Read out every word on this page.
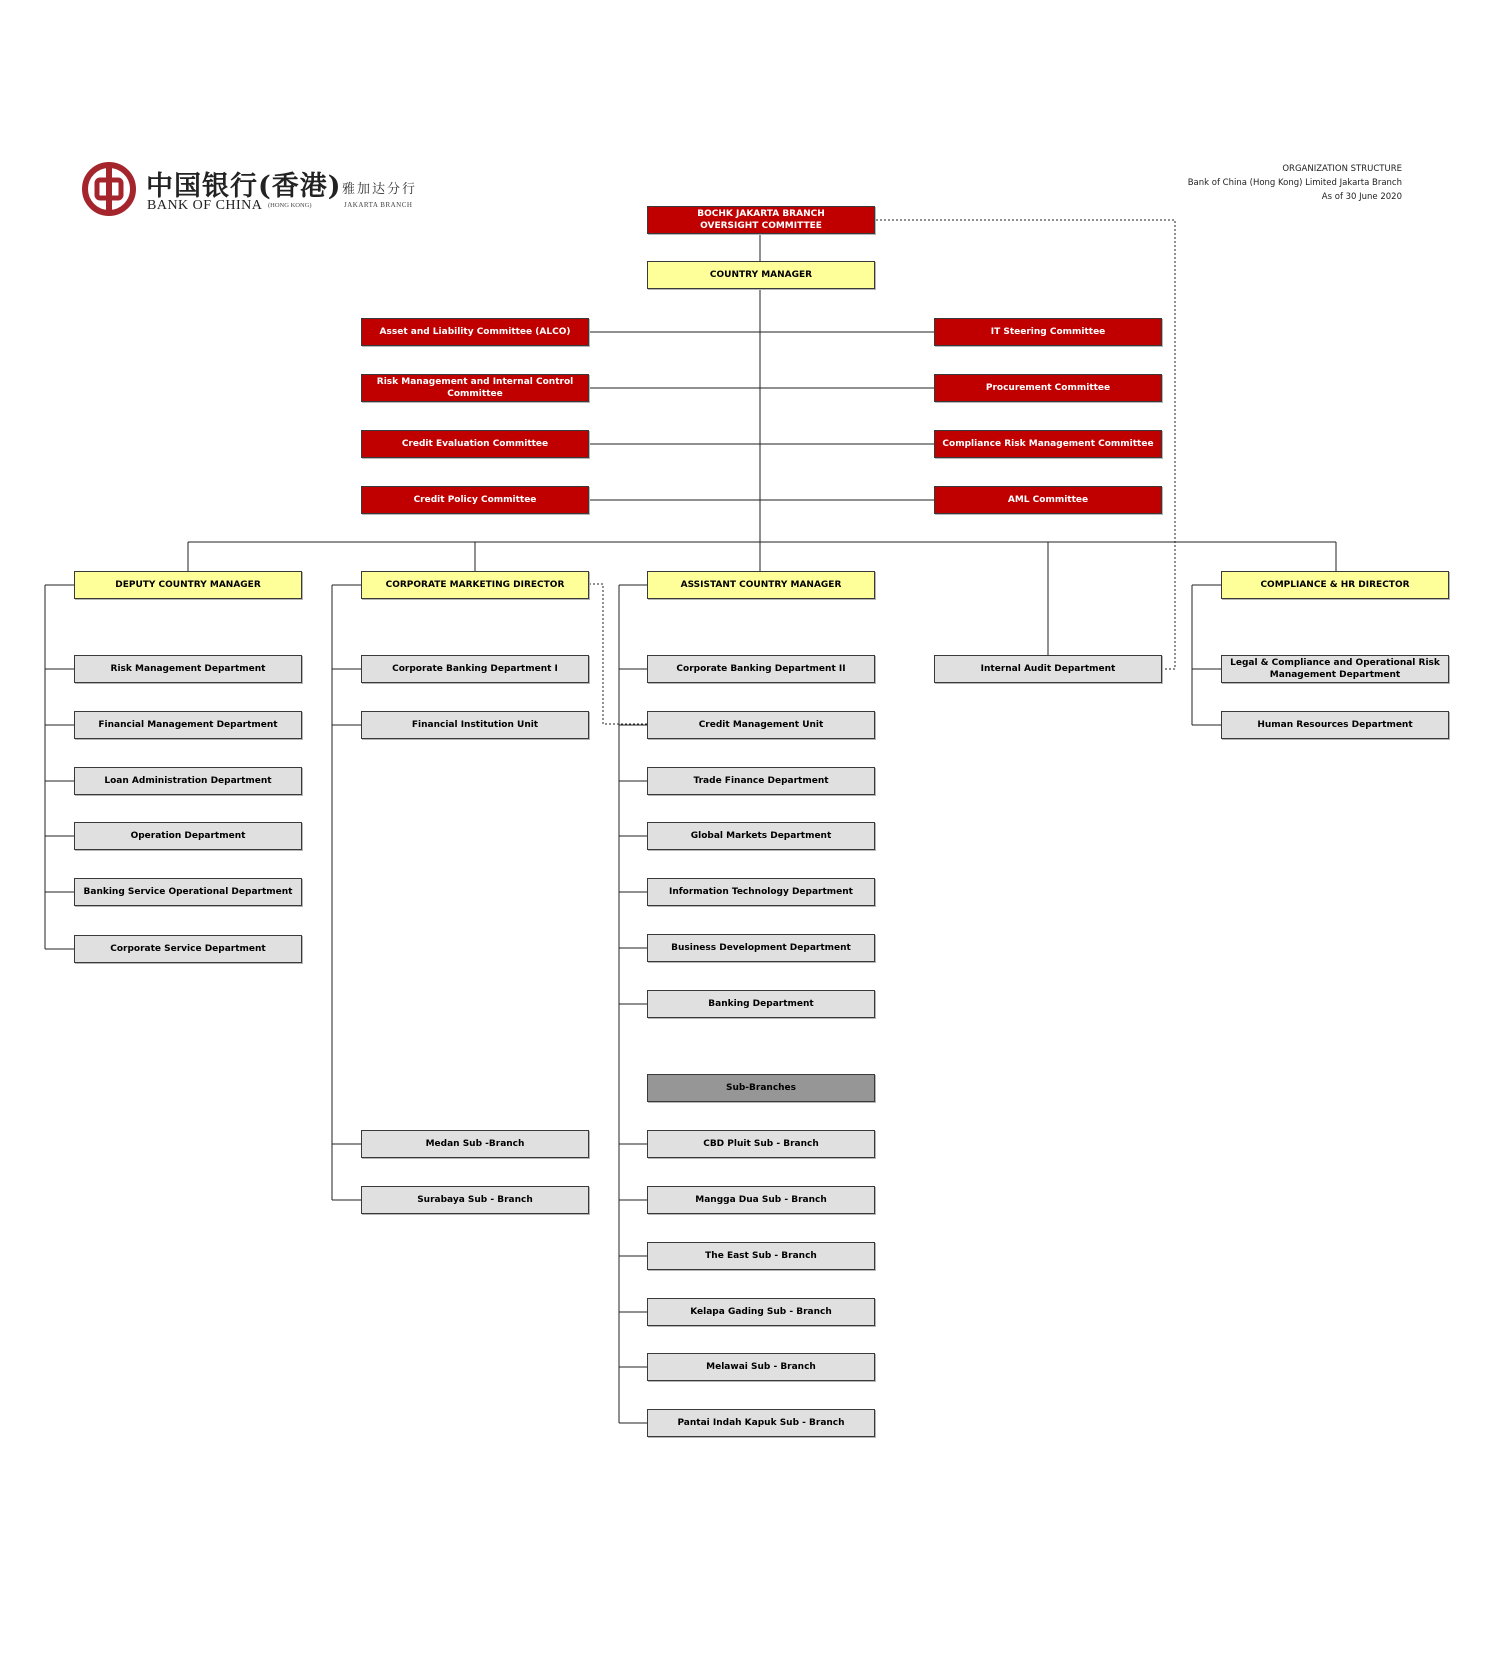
中国银行(香港) 雅加达分行
BANK OF CHINA (HONG KONG)	JAKARTA BRANCH
ORGANIZATION STRUCTURE
Bank of China (Hong Kong) Limited Jakarta Branch
As of 30 June 2020
BOCHK JAKARTA BRANCH
OVERSIGHT COMMITTEE
COUNTRY MANAGER
Asset and Liability Committee (ALCO)
Risk Management and Internal Control Committee
Credit Evaluation Committee
Credit Policy Committee
IT Steering Committee
Procurement Committee
Compliance Risk Management Committee
AML Committee
DEPUTY COUNTRY MANAGER	CORPORATE MARKETING DIRECTOR	ASSISTANT COUNTRY MANAGER	COMPLIANCE & HR DIRECTOR
Internal Audit Department
Risk Management Department
Financial Management Department
Loan Administration Department
Operation Department
Banking Service Operational Department
Corporate Service Department
Corporate Banking Department I
Financial Institution Unit
Medan Sub -Branch
Surabaya Sub - Branch
Corporate Banking Department II
Credit Management Unit
Trade Finance Department
Global Markets Department
Information Technology Department
Business Development Department
Banking Department
Sub-Branches
CBD Pluit Sub - Branch
Mangga Dua Sub - Branch
The East Sub - Branch
Kelapa Gading Sub - Branch
Melawai Sub - Branch
Pantai Indah Kapuk Sub - Branch
Legal & Compliance and Operational Risk Management Department
Human Resources Department
